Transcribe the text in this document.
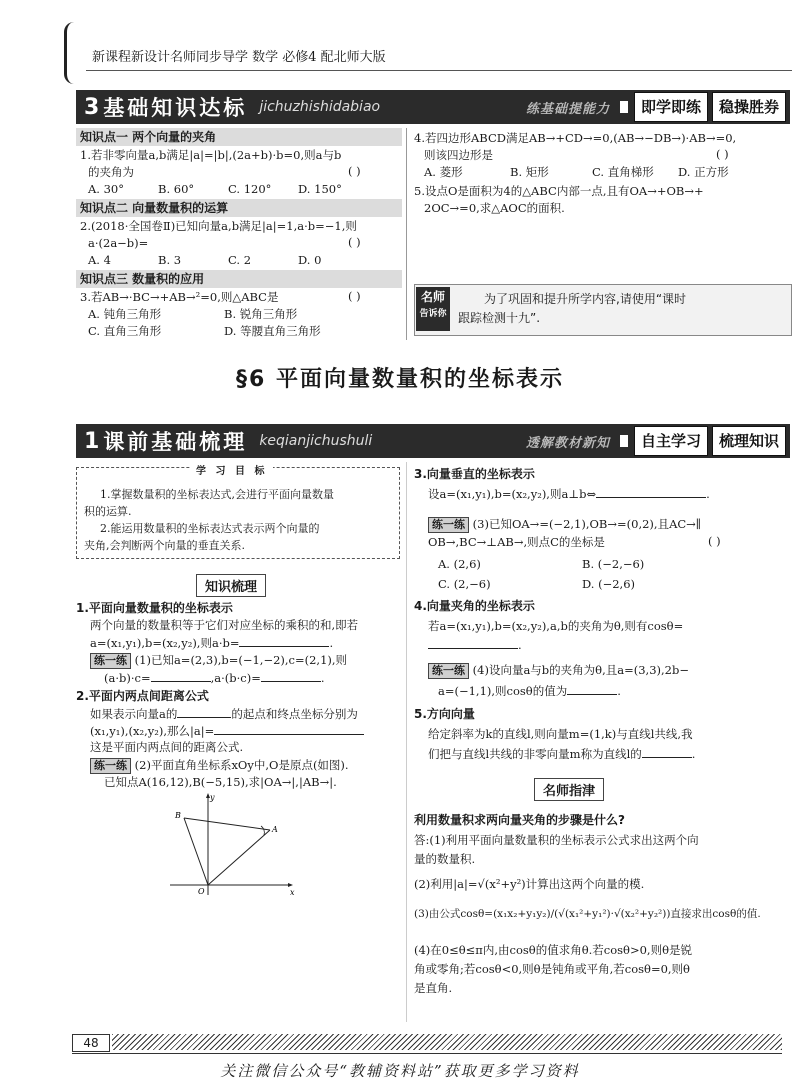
新课程新设计名师同步导学 数学 必修4 配北师大版
3 基础知识达标 jichuzhishidabiao	练基础提能力	即学即练	稳操胜券
知识点一 两个向量的夹角
1.若非零向量a,b满足|a|=|b|,(2a+b)·b=0,则a与b
的夹角为	( )
A. 30°	B. 60°	C. 120° D. 150°
知识点二 向量数量积的运算
2.(2018·全国卷Ⅱ)已知向量a,b满足|a|=1,a·b=−1,则
a·(2a−b)=	( )
A. 4	B. 3	C. 2	D. 0
知识点三 数量积的应用
3.若AB→·BC→+AB→²=0,则△ABC是	( )
A. 钝角三角形	B. 锐角三角形
C. 直角三角形	D. 等腰直角三角形
4.若四边形ABCD满足AB→+CD→=0,(AB→−DB→)·AB→=0,
则该四边形是	( )
A. 菱形	B. 矩形	C. 直角梯形 D. 正方形
5.设点O是面积为4的△ABC内部一点,且有OA→+OB→+
2OC→=0,求△AOC的面积.
名师
告诉你
为了巩固和提升所学内容,请使用“课时
跟踪检测十九”.
§6 平面向量数量积的坐标表示
1 课前基础梳理 keqianjichushuli	透解教材新知	自主学习	梳理知识
学 习 目 标
1.掌握数量积的坐标表达式,会进行平面向量数量
积的运算.
2.能运用数量积的坐标表达式表示两个向量的
夹角,会判断两个向量的垂直关系.
知识梳理
1.平面向量数量积的坐标表示
两个向量的数量积等于它们对应坐标的乘积的和,即若
a=(x₁,y₁),b=(x₂,y₂),则a·b=	.
练一练 (1)已知a=(2,3),b=(−1,−2),c=(2,1),则
(a·b)·c=	,a·(b·c)=	.
2.平面内两点间距离公式
如果表示向量a的	的起点和终点坐标分别为
(x₁,y₁),(x₂,y₂),那么|a|=
这是平面内两点间的距离公式.
练一练 (2)平面直角坐标系xOy中,O是原点(如图).
已知点A(16,12),B(−5,15),求|OA→|,|AB→|.
y
x
O
A
B
3.向量垂直的坐标表示
设a=(x₁,y₁),b=(x₂,y₂),则a⊥b⇔	.
练一练 (3)已知OA→=(−2,1),OB→=(0,2),且AC→∥
OB→,BC→⊥AB→,则点C的坐标是	( )
A. (2,6)	B. (−2,−6)
C. (2,−6)	D. (−2,6)
4.向量夹角的坐标表示
若a=(x₁,y₁),b=(x₂,y₂),a,b的夹角为θ,则有cosθ=
.
练一练 (4)设向量a与b的夹角为θ,且a=(3,3),2b−
a=(−1,1),则cosθ的值为	.
5.方向向量
给定斜率为k的直线l,则向量m=(1,k)与直线l共线,我
们把与直线l共线的非零向量m称为直线l的	.
名师指津
利用数量积求两向量夹角的步骤是什么?
答:(1)利用平面向量数量积的坐标表示公式求出这两个向
量的数量积.
(2)利用|a|=√(x²+y²)计算出这两个向量的模.
(3)由公式cosθ=(x₁x₂+y₁y₂)/(√(x₁²+y₁²)·√(x₂²+y₂²))直接求出cosθ的值.
(4)在0≤θ≤π内,由cosθ的值求角θ.若cosθ>0,则θ是锐
角或零角;若cosθ<0,则θ是钝角或平角,若cosθ=0,则θ
是直角.
48
关注微信公众号“教辅资料站”获取更多学习资料
